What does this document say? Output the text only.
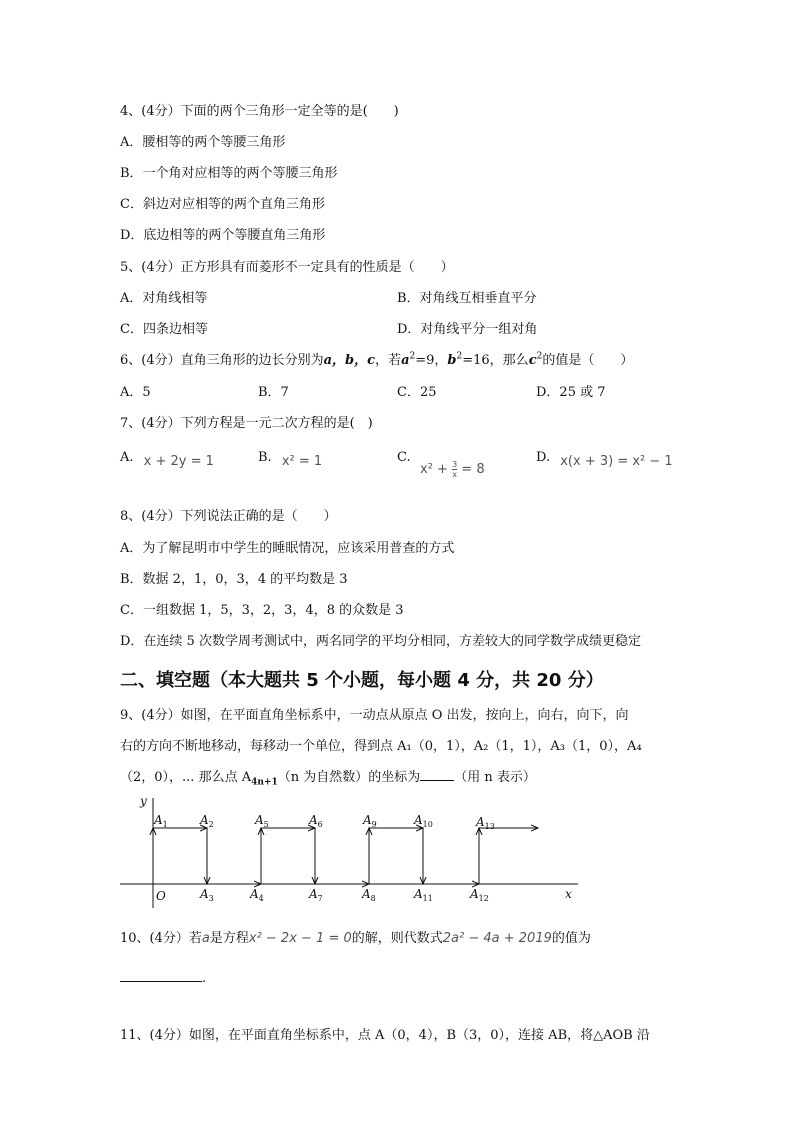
4、(4分）下面的两个三角形一定全等的是(　　)
A．腰相等的两个等腰三角形
B．一个角对应相等的两个等腰三角形
C．斜边对应相等的两个直角三角形
D．底边相等的两个等腰直角三角形
5、(4分）正方形具有而菱形不一定具有的性质是（　　）
A．对角线相等	B．对角线互相垂直平分
C．四条边相等	D．对角线平分一组对角
6、(4分）直角三角形的边长分别为a，b，c，若$a^2=9$，$b^2=16$，那么$c^2$的值是（　　）
A．5	B．7	C．25	D．25 或 7
7、(4分）下列方程是一元二次方程的是(　)
A. x + 2y = 1	B. x² = 1	C.
$x^2 + \frac{3}{x} = 8$
D. x(x + 3) = x² − 1
8、(4分）下列说法正确的是（　　）
A．为了解昆明市中学生的睡眠情况，应该采用普查的方式
B．数据 2，1，0，3，4 的平均数是 3
C．一组数据 1，5，3，2，3，4，8 的众数是 3
D．在连续 5 次数学周考测试中，两名同学的平均分相同，方差较大的同学数学成绩更稳定
二、填空题（本大题共 5 个小题，每小题 4 分，共 20 分）
9、(4分）如图，在平面直角坐标系中，一动点从原点 O 出发，按向上，向右，向下，向
右的方向不断地移动，每移动一个单位，得到点 A₁（0，1），A₂（1，1），A₃（1，0），A₄
（2，0），... 那么点 $A_{4n+1}(n$ 为自然数）的坐标为	（用 n 表示）
y
x
O
$A_1$	$A_2$
$A_3$	$A_4$
$A_5$	$A_6$
$A_7$	$A_8$
$A_9$	$A_{10}$
$A_{11}$	$A_{12}$
$A_{13}$
10、(4分）若a是方程x² − 2x − 1 = 0的解，则代数式2a² − 4a + 2019的值为
.
11、(4分）如图，在平面直角坐标系中，点 A（0，4），B（3，0），连接 AB，将△AOB 沿
